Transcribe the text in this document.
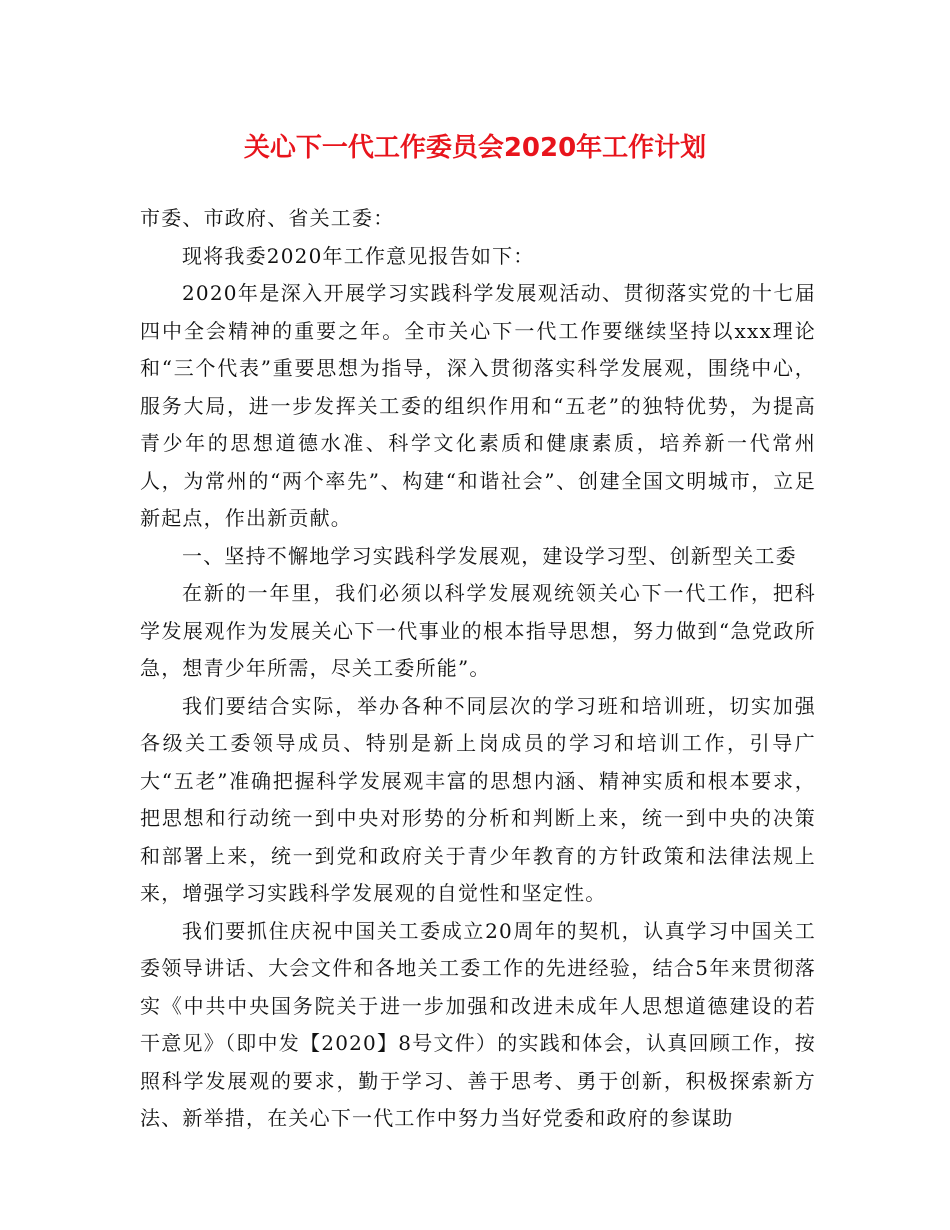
关心下一代工作委员会2020年工作计划

市委、市政府、省关工委：

现将我委2020年工作意见报告如下：

2020年是深入开展学习实践科学发展观活动、贯彻落实党的十七届四中全会精神的重要之年。全市关心下一代工作要继续坚持以xxx理论和“三个代表”重要思想为指导，深入贯彻落实科学发展观，围绕中心，服务大局，进一步发挥关工委的组织作用和“五老”的独特优势，为提高青少年的思想道德水准、科学文化素质和健康素质，培养新一代常州人，为常州的“两个率先”、构建“和谐社会”、创建全国文明城市，立足新起点，作出新贡献。

一、坚持不懈地学习实践科学发展观，建设学习型、创新型关工委

在新的一年里，我们必须以科学发展观统领关心下一代工作，把科学发展观作为发展关心下一代事业的根本指导思想，努力做到“急党政所急，想青少年所需，尽关工委所能”。

我们要结合实际，举办各种不同层次的学习班和培训班，切实加强各级关工委领导成员、特别是新上岗成员的学习和培训工作，引导广大“五老”准确把握科学发展观丰富的思想内涵、精神实质和根本要求，把思想和行动统一到中央对形势的分析和判断上来，统一到中央的决策和部署上来，统一到党和政府关于青少年教育的方针政策和法律法规上来，增强学习实践科学发展观的自觉性和坚定性。

我们要抓住庆祝中国关工委成立20周年的契机，认真学习中国关工委领导讲话、大会文件和各地关工委工作的先进经验，结合5年来贯彻落实《中共中央国务院关于进一步加强和改进未成年人思想道德建设的若干意见》（即中发【2020】8号文件）的实践和体会，认真回顾工作，按照科学发展观的要求，勤于学习、善于思考、勇于创新，积极探索新方法、新举措，在关心下一代工作中努力当好党委和政府的参谋助
